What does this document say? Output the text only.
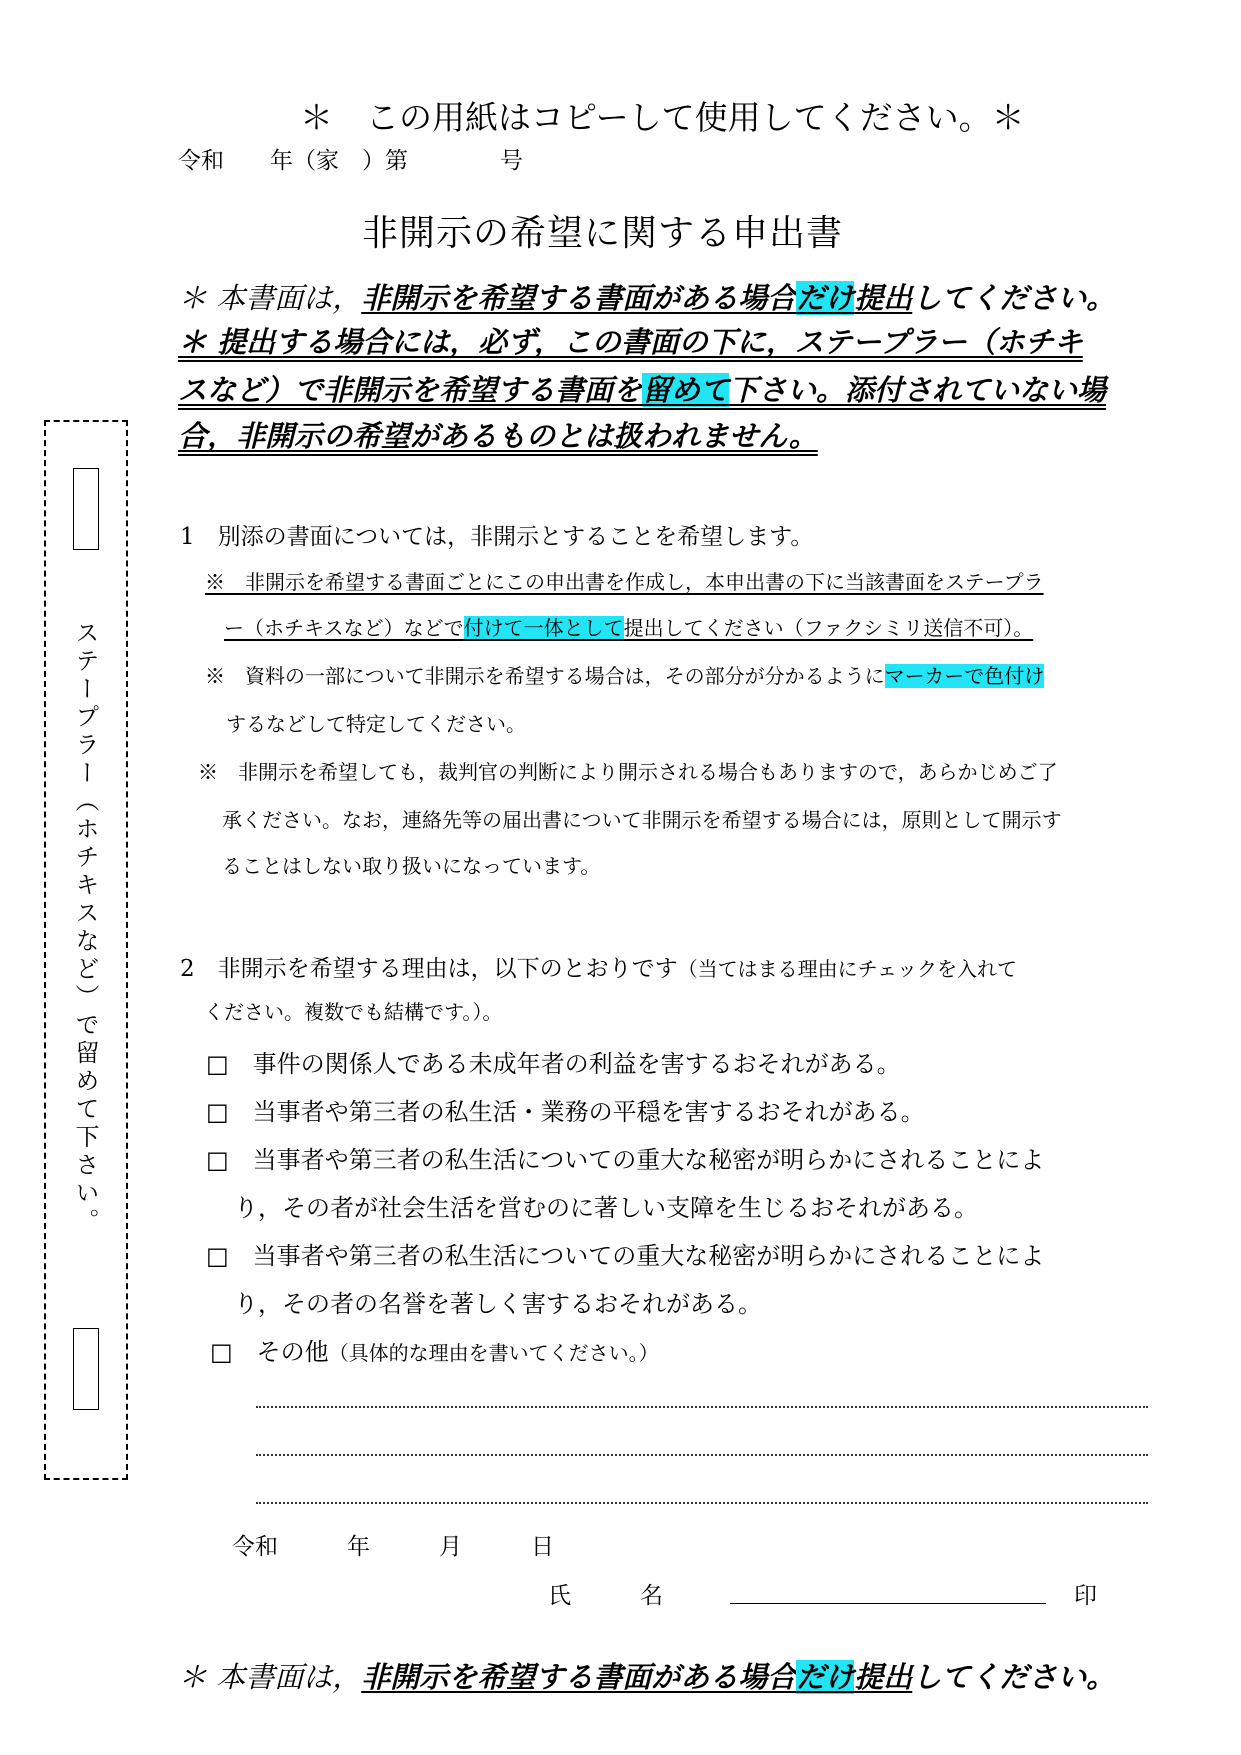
＊　この用紙はコピーして使用してください。＊
令和　　年（家　）第　　　　号
非開示の希望に関する申出書
＊ 本書面は，非開示を希望する書面がある場合だけ提出してください。
＊ 提出する場合には，必ず，この書面の下に，ステープラー（ホチキ
スなど）で非開示を希望する書面を留めて下さい。添付されていない場
合，非開示の希望があるものとは扱われません。
ステープラー（ホチキスなど）で留めて下さい。
1　別添の書面については，非開示とすることを希望します。
※　非開示を希望する書面ごとにこの申出書を作成し，本申出書の下に当該書面をステープラ
ー（ホチキスなど）などで付けて一体として提出してください（ファクシミリ送信不可）。
※　資料の一部について非開示を希望する場合は，その部分が分かるようにマーカーで色付け
するなどして特定してください。
※　非開示を希望しても，裁判官の判断により開示される場合もありますので，あらかじめご了
承ください。なお，連絡先等の届出書について非開示を希望する場合には，原則として開示す
ることはしない取り扱いになっています。
2　非開示を希望する理由は，以下のとおりです（当てはまる理由にチェックを入れて
ください。複数でも結構です。）。
□　事件の関係人である未成年者の利益を害するおそれがある。
□　当事者や第三者の私生活・業務の平穏を害するおそれがある。
□　当事者や第三者の私生活についての重大な秘密が明らかにされることによ
り，その者が社会生活を営むのに著しい支障を生じるおそれがある。
□　当事者や第三者の私生活についての重大な秘密が明らかにされることによ
り，その者の名誉を著しく害するおそれがある。
□　その他（具体的な理由を書いてください。）
令和　　　年　　　月　　　日
氏　　　名	印
＊ 本書面は，非開示を希望する書面がある場合だけ提出してください。
